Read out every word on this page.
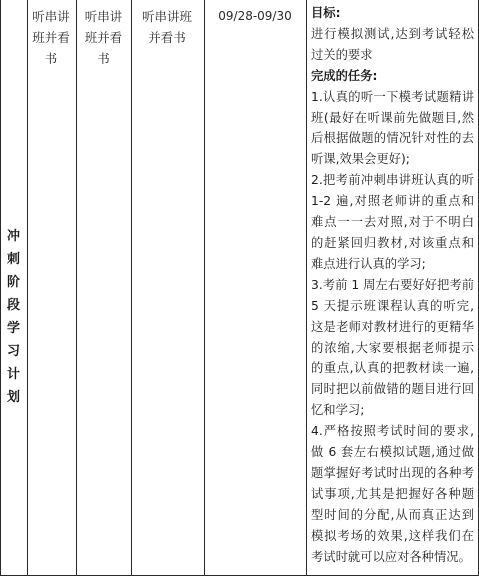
冲
刺
阶
段
学
习
计
划
听串讲班并看书
听串讲班并看书
听串讲班并看书
09/28-09/30	目标:

进行模拟测试,达到考试轻松过关的要求

完成的任务:

1.认真的听一下模考试题精讲班(最好在听课前先做题目,然后根据做题的情况针对性的去听课,效果会更好);

2.把考前冲刺串讲班认真的听 1-2 遍,对照老师讲的重点和难点一一去对照,对于不明白的赶紧回归教材,对该重点和难点进行认真的学习;

3.考前 1 周左右要好好把考前 5 天提示班课程认真的听完,这是老师对教材进行的更精华的浓缩,大家要根据老师提示的重点,认真的把教材读一遍,同时把以前做错的题目进行回忆和学习;

4.严格按照考试时间的要求,做 6 套左右模拟试题,通过做题掌握好考试时出现的各种考试事项,尤其是把握好各种题型时间的分配,从而真正达到模拟考场的效果,这样我们在考试时就可以应对各种情况。
